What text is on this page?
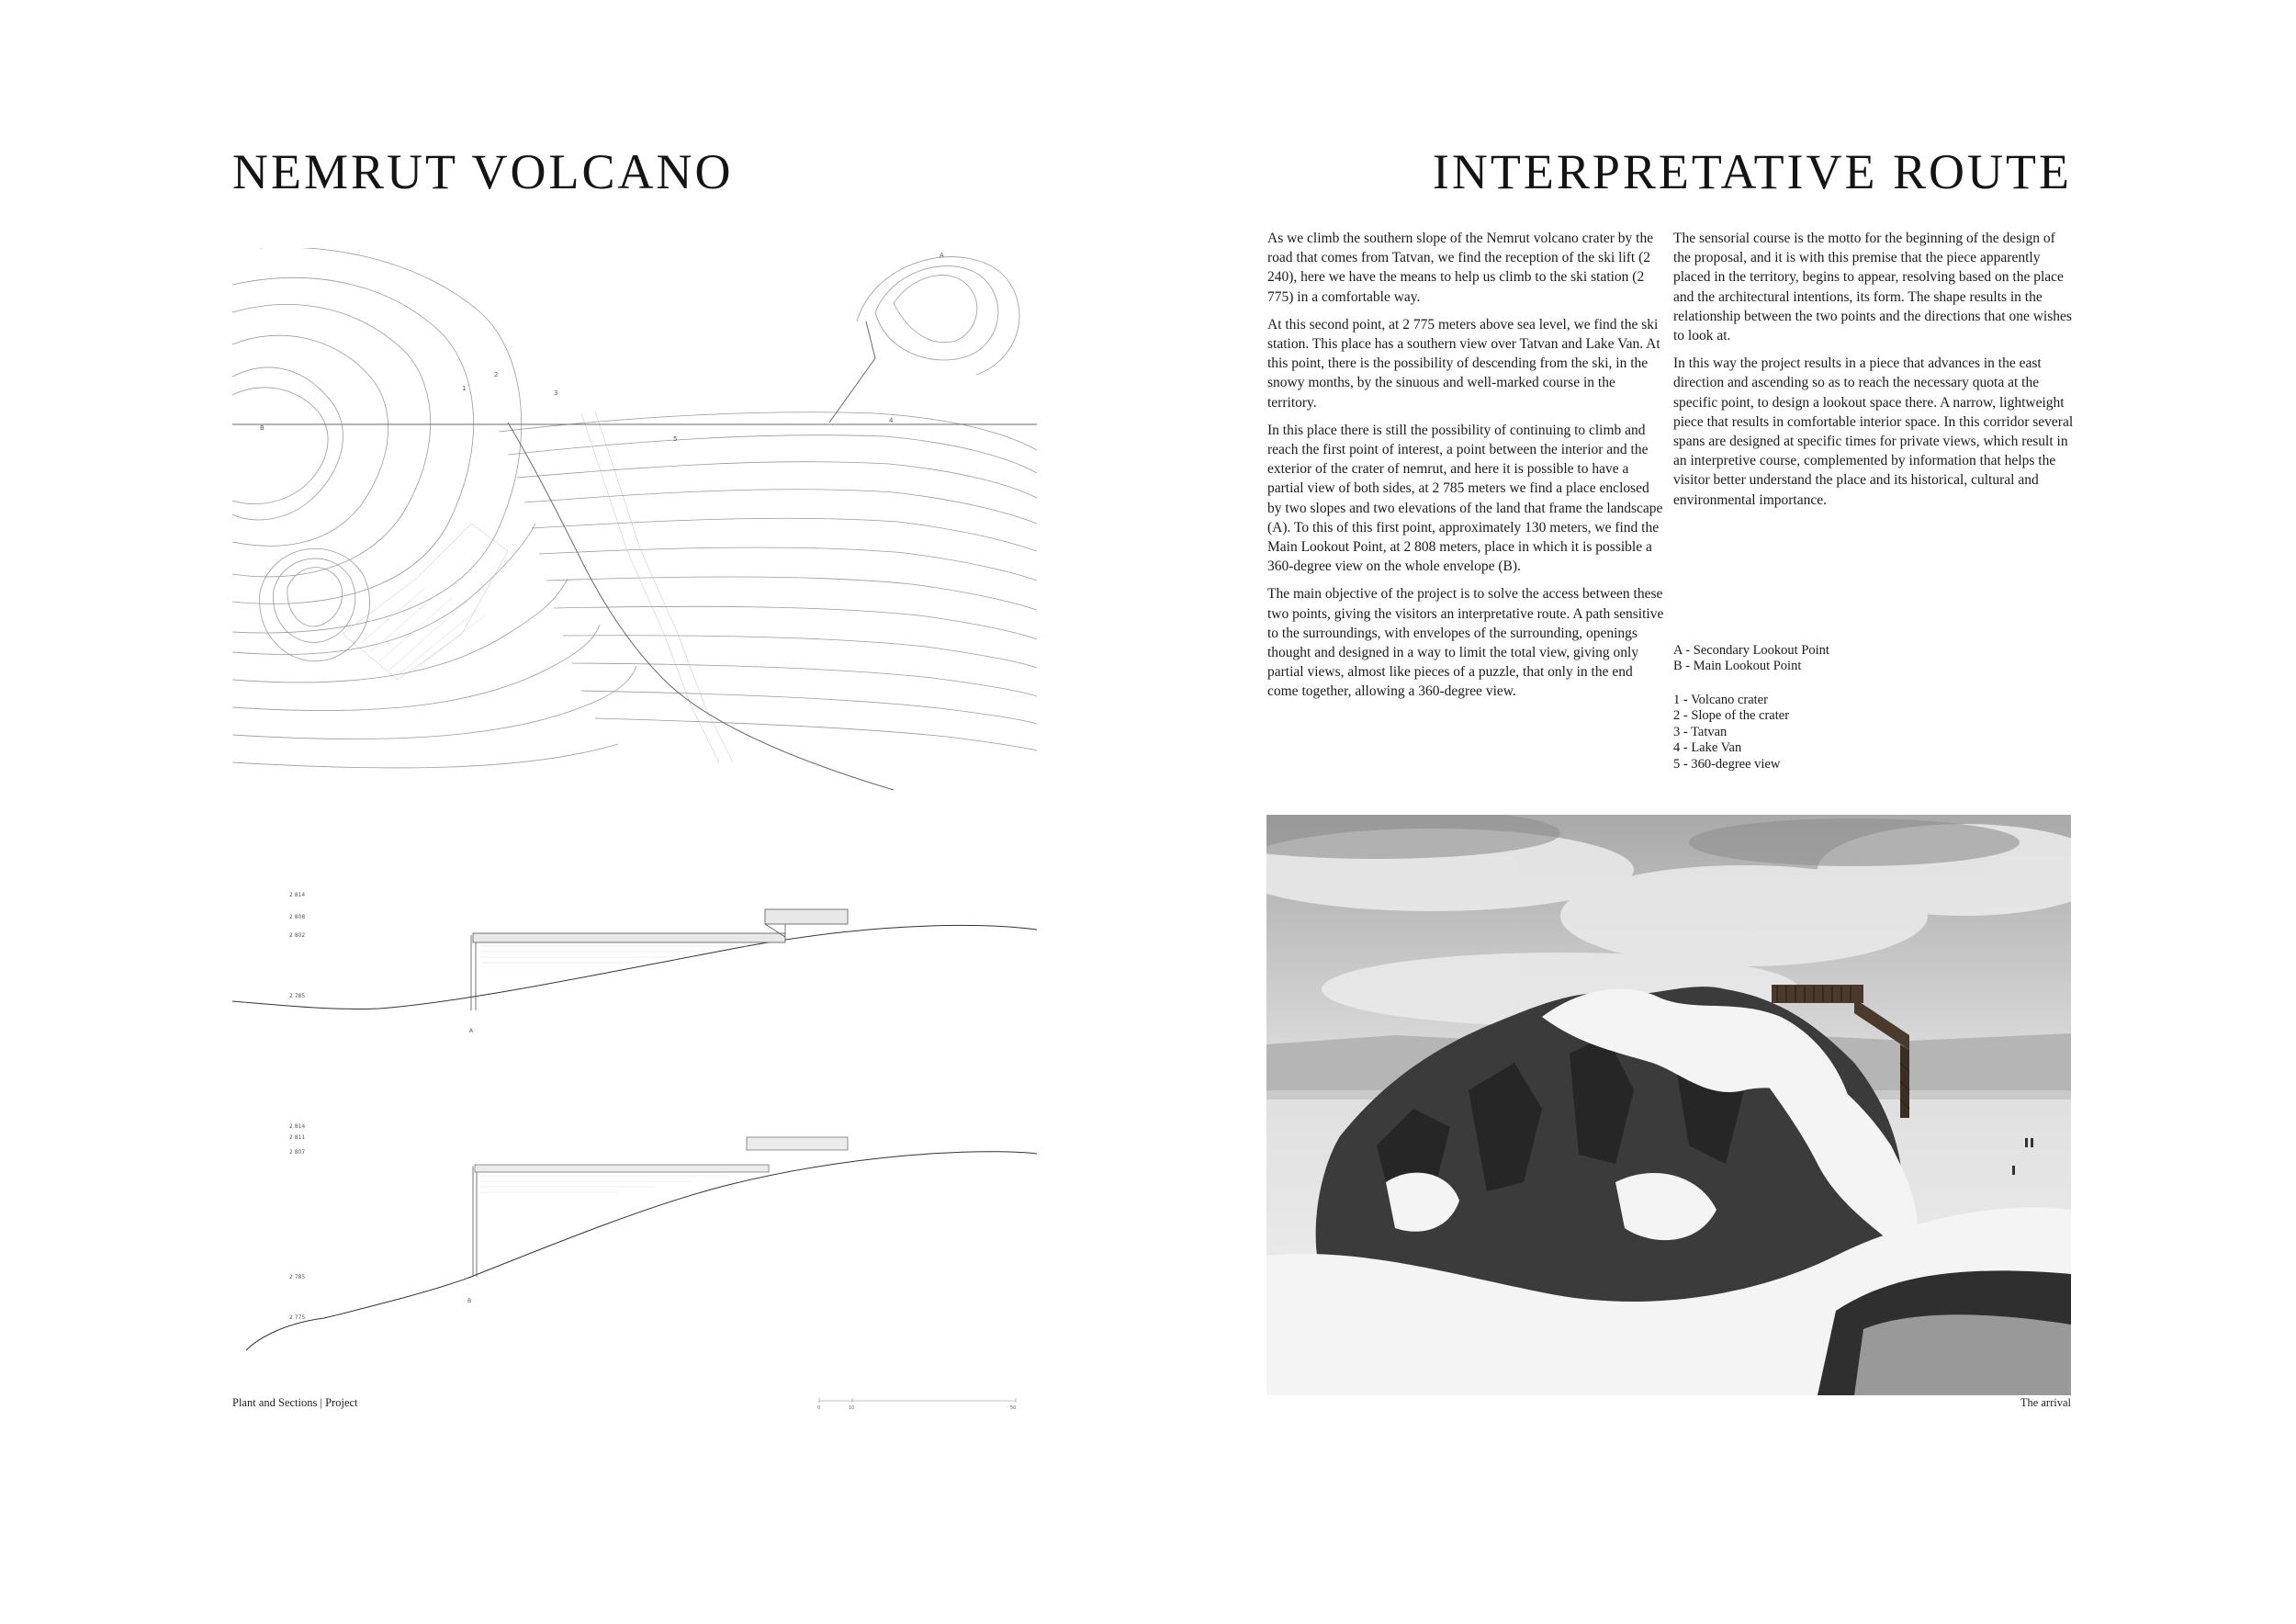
NEMRUT VOLCANO	INTERPRETATIVE ROUTE
1
2
3
4
5
A
B
2 814
2 808
2 802
2 785
A
2 814
2 811
2 807
2 785
2 775
B

As we climb the southern slope of the Nemrut volcano crater by the road that comes from Tatvan, we find the reception of the ski lift (2 240), here we have the means to help us climb to the ski station (2 775) in a comfortable way.

At this second point, at 2 775 meters above sea level, we find the ski station. This place has a southern view over Tatvan and Lake Van. At this point, there is the possibility of descending from the ski, in the snowy months, by the sinuous and well-marked course in the territory.

In this place there is still the possibility of continuing to climb and reach the first point of interest, a point between the interior and the exterior of the crater of nemrut, and here it is possible to have a partial view of both sides, at 2 785 meters we find a place enclosed by two slopes and two elevations of the land that frame the landscape (A). To this of this first point, approximately 130 meters, we find the Main Lookout Point, at 2 808 meters, place in which it is possible a 360-degree view on the whole envelope (B).

The main objective of the project is to solve the access between these two points, giving the visitors an interpretative route. A path sensitive to the surroundings, with envelopes of the surrounding, openings thought and designed in a way to limit the total view, giving only partial views, almost like pieces of a puzzle, that only in the end come together, allowing a 360-degree view.

The sensorial course is the motto for the beginning of the design of the proposal, and it is with this premise that the piece apparently placed in the territory, begins to appear, resolving based on the place and the architectural intentions, its form. The shape results in the relationship between the two points and the directions that one wishes to look at.

In this way the project results in a piece that advances in the east direction and ascending so as to reach the necessary quota at the specific point, to design a lookout space there. A narrow, lightweight piece that results in comfortable interior space. In this corridor several spans are designed at specific times for private views, which result in an interpretive course, complemented by information that helps the visitor better understand the place and its historical, cultural and environmental importance.

A - Secondary Lookout Point
B - Main Lookout Point
1 - Volcano crater
2 - Slope of the crater
3 - Tatvan
4 - Lake Van
5 - 360-degree view
Plant and Sections | Project	The arrival
0	10	50
